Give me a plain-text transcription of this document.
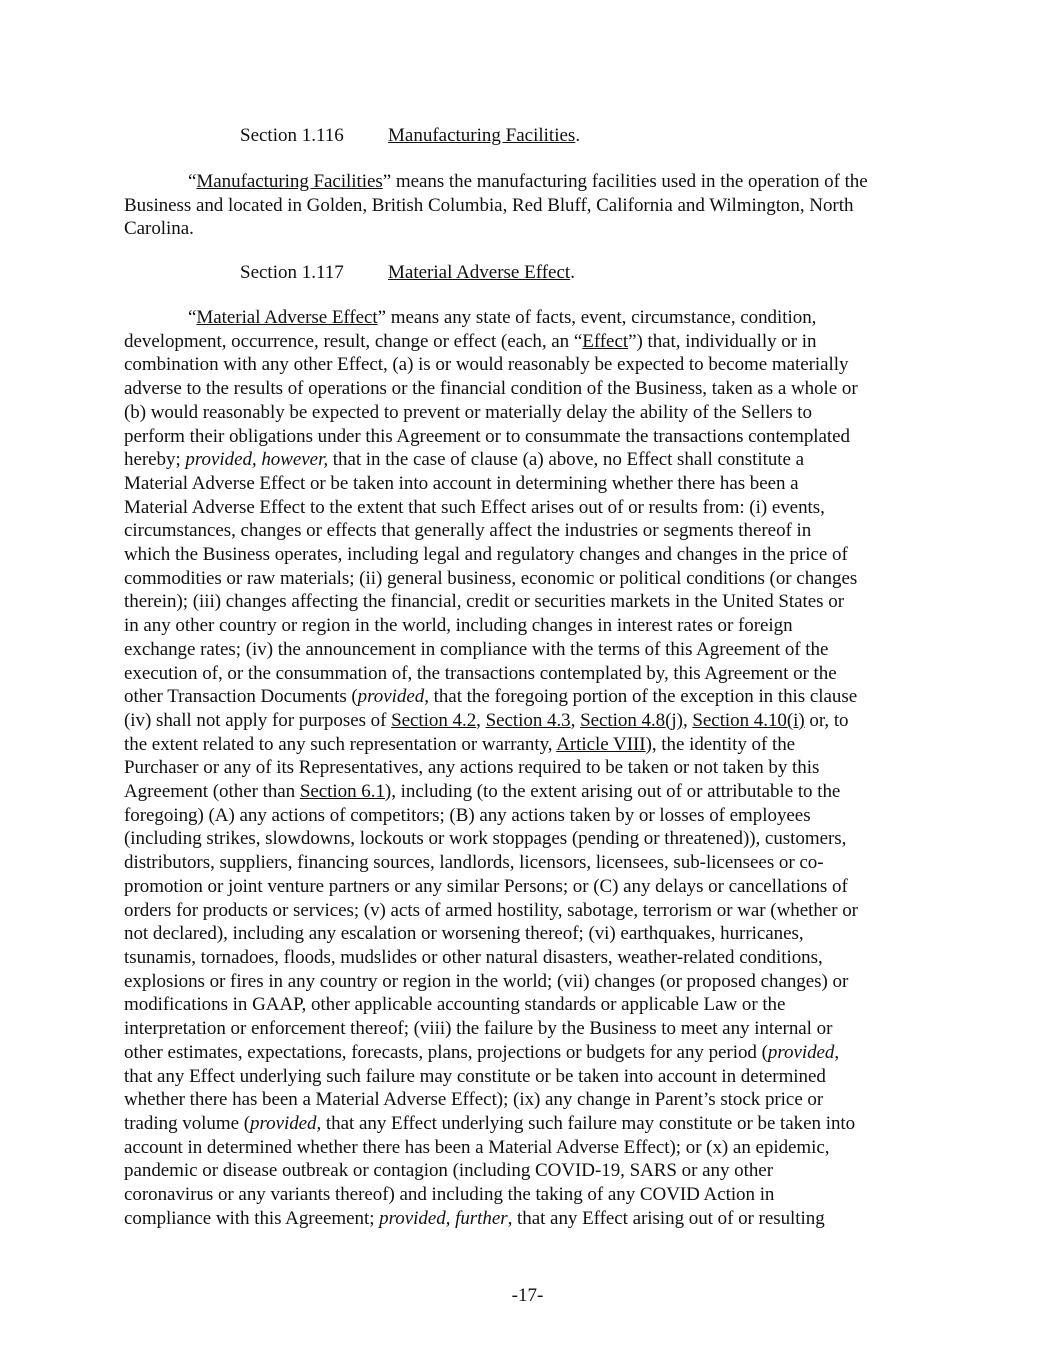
Section 1.116 Manufacturing Facilities.

“Manufacturing Facilities” means the manufacturing facilities used in the operation of the
Business and located in Golden, British Columbia, Red Bluff, California and Wilmington, North
Carolina.

Section 1.117 Material Adverse Effect.

“Material Adverse Effect” means any state of facts, event, circumstance, condition,
development, occurrence, result, change or effect (each, an “Effect”) that, individually or in
combination with any other Effect, (a) is or would reasonably be expected to become materially
adverse to the results of operations or the financial condition of the Business, taken as a whole or
(b) would reasonably be expected to prevent or materially delay the ability of the Sellers to
perform their obligations under this Agreement or to consummate the transactions contemplated
hereby; provided, however, that in the case of clause (a) above, no Effect shall constitute a
Material Adverse Effect or be taken into account in determining whether there has been a
Material Adverse Effect to the extent that such Effect arises out of or results from: (i) events,
circumstances, changes or effects that generally affect the industries or segments thereof in
which the Business operates, including legal and regulatory changes and changes in the price of
commodities or raw materials; (ii) general business, economic or political conditions (or changes
therein); (iii) changes affecting the financial, credit or securities markets in the United States or
in any other country or region in the world, including changes in interest rates or foreign
exchange rates; (iv) the announcement in compliance with the terms of this Agreement of the
execution of, or the consummation of, the transactions contemplated by, this Agreement or the
other Transaction Documents (provided, that the foregoing portion of the exception in this clause
(iv) shall not apply for purposes of Section 4.2, Section 4.3, Section 4.8(j), Section 4.10(i) or, to
the extent related to any such representation or warranty, Article VIII), the identity of the
Purchaser or any of its Representatives, any actions required to be taken or not taken by this
Agreement (other than Section 6.1), including (to the extent arising out of or attributable to the
foregoing) (A) any actions of competitors; (B) any actions taken by or losses of employees
(including strikes, slowdowns, lockouts or work stoppages (pending or threatened)), customers,
distributors, suppliers, financing sources, landlords, licensors, licensees, sub-licensees or co-
promotion or joint venture partners or any similar Persons; or (C) any delays or cancellations of
orders for products or services; (v) acts of armed hostility, sabotage, terrorism or war (whether or
not declared), including any escalation or worsening thereof; (vi) earthquakes, hurricanes,
tsunamis, tornadoes, floods, mudslides or other natural disasters, weather-related conditions,
explosions or fires in any country or region in the world; (vii) changes (or proposed changes) or
modifications in GAAP, other applicable accounting standards or applicable Law or the
interpretation or enforcement thereof; (viii) the failure by the Business to meet any internal or
other estimates, expectations, forecasts, plans, projections or budgets for any period (provided,
that any Effect underlying such failure may constitute or be taken into account in determined
whether there has been a Material Adverse Effect); (ix) any change in Parent’s stock price or
trading volume (provided, that any Effect underlying such failure may constitute or be taken into
account in determined whether there has been a Material Adverse Effect); or (x) an epidemic,
pandemic or disease outbreak or contagion (including COVID-19, SARS or any other
coronavirus or any variants thereof) and including the taking of any COVID Action in
compliance with this Agreement; provided, further, that any Effect arising out of or resulting

-17-
